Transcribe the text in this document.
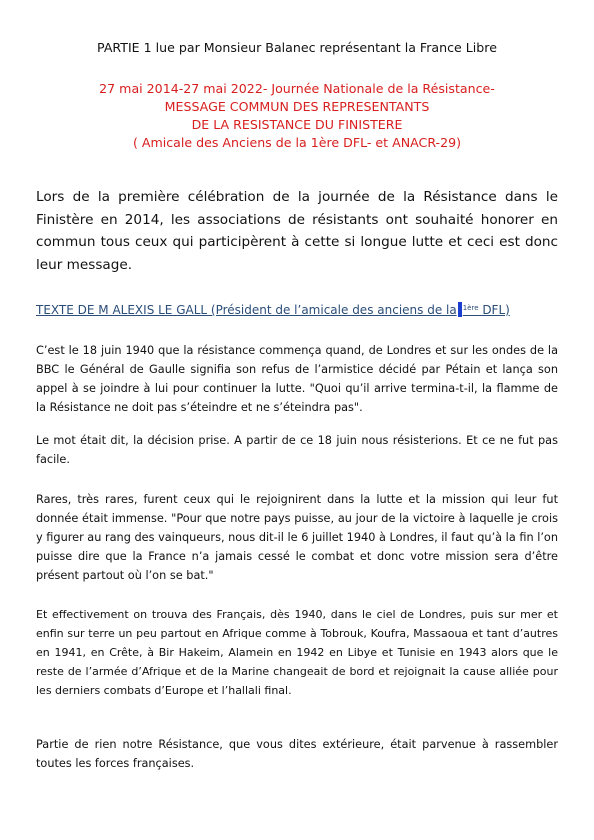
PARTIE 1 lue par Monsieur Balanec représentant la France Libre
27 mai 2014-27 mai 2022- Journée Nationale de la Résistance-
MESSAGE COMMUN DES REPRESENTANTS
DE LA RESISTANCE DU FINISTERE
( Amicale des Anciens de la 1ère DFL- et ANACR-29)
Lors de la première célébration de la journée de la Résistance dans le Finistère en 2014, les associations de résistants ont souhaité honorer en commun tous ceux qui participèrent à cette si longue lutte et ceci est donc leur message.
TEXTE DE M ALEXIS LE GALL (Président de l’amicale des anciens de la $^{1ère}$ DFL)
C’est le 18 juin 1940 que la résistance commença quand, de Londres et sur les ondes de la BBC le Général de Gaulle signifia son refus de l’armistice décidé par Pétain et lança son appel à se joindre à lui pour continuer la lutte. "Quoi qu’il arrive termina-t-il, la flamme de la Résistance ne doit pas s’éteindre et ne s’éteindra pas".
Le mot était dit, la décision prise. A partir de ce 18 juin nous résisterions. Et ce ne fut pas facile.
Rares, très rares, furent ceux qui le rejoignirent dans la lutte et la mission qui leur fut donnée était immense. "Pour que notre pays puisse, au jour de la victoire à laquelle je crois y figurer au rang des vainqueurs, nous dit-il le 6 juillet 1940 à Londres, il faut qu’à la fin l’on puisse dire que la France n’a jamais cessé le combat et donc votre mission sera d’être présent partout où l’on se bat."
Et effectivement on trouva des Français, dès 1940, dans le ciel de Londres, puis sur mer et enfin sur terre un peu partout en Afrique comme à Tobrouk, Koufra, Massaoua et tant d’autres en 1941, en Crête, à Bir Hakeim, Alamein en 1942 en Libye et Tunisie en 1943 alors que le reste de l’armée d’Afrique et de la Marine changeait de bord et rejoignait la cause alliée pour les derniers combats d’Europe et l’hallali final.
Partie de rien notre Résistance, que vous dites extérieure, était parvenue à rassembler toutes les forces françaises.
